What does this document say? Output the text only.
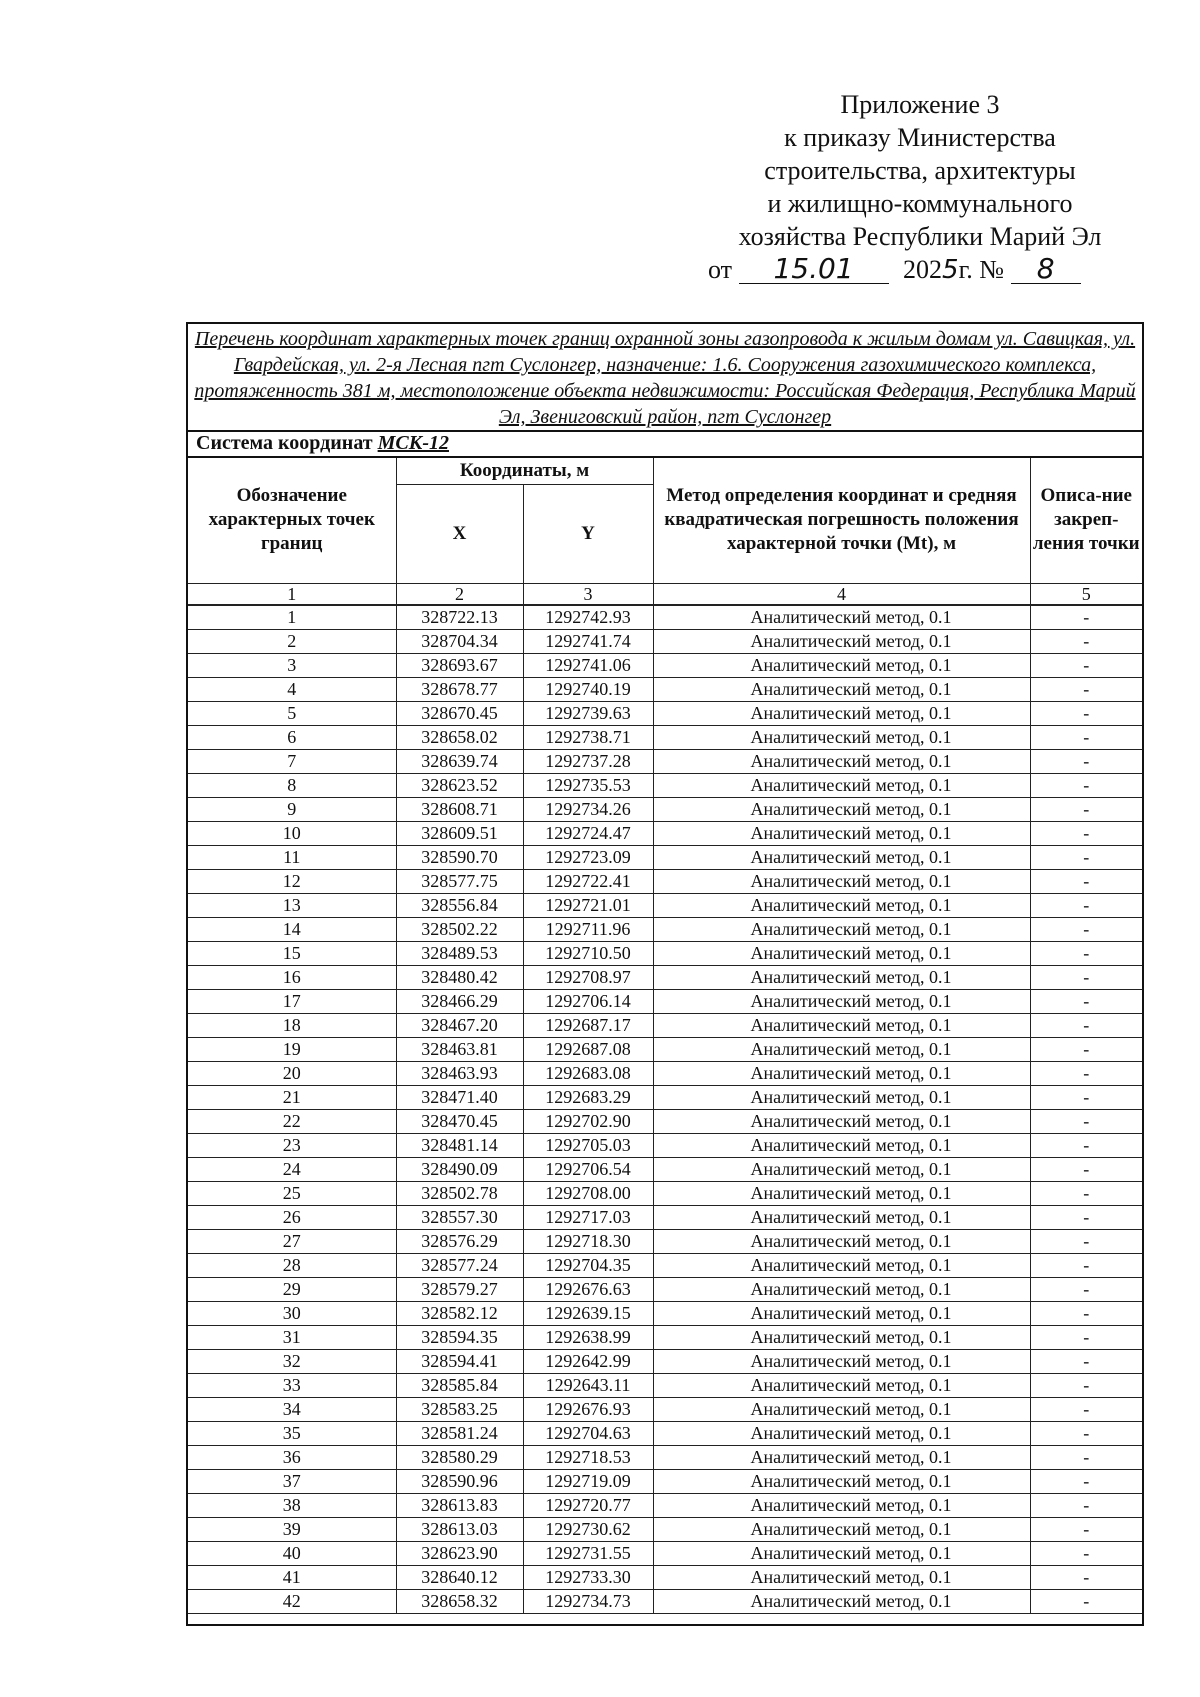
Приложение 3
к приказу Министерства
строительства, архитектуры
и жилищно-коммунального
хозяйства Республики Марий Эл
от 15.01 2025г. № 8
Перечень координат характерных точек границ охранной зоны газопровода к жилым домам ул. Савицкая, ул. Гвардейская, ул. 2-я Лесная пгт Суслонгер, назначение: 1.6. Сооружения газохимического комплекса, протяженность 381 м, местоположение объекта недвижимости: Российская Федерация, Республика Марий Эл, Звениговский район, пгт Суслонгер
Система координат МСК-12
Обозначение характерных точек границ	Координаты, м		Метод определения координат и средняя квадратическая погрешность положения характерной точки (Mt), м	Описа-ние закреп-ления точки
	X	Y		
1	2	3	4	5
1	328722.13	1292742.93	Аналитический метод, 0.1	-
2	328704.34	1292741.74	Аналитический метод, 0.1	-
3	328693.67	1292741.06	Аналитический метод, 0.1	-
4	328678.77	1292740.19	Аналитический метод, 0.1	-
5	328670.45	1292739.63	Аналитический метод, 0.1	-
6	328658.02	1292738.71	Аналитический метод, 0.1	-
7	328639.74	1292737.28	Аналитический метод, 0.1	-
8	328623.52	1292735.53	Аналитический метод, 0.1	-
9	328608.71	1292734.26	Аналитический метод, 0.1	-
10	328609.51	1292724.47	Аналитический метод, 0.1	-
11	328590.70	1292723.09	Аналитический метод, 0.1	-
12	328577.75	1292722.41	Аналитический метод, 0.1	-
13	328556.84	1292721.01	Аналитический метод, 0.1	-
14	328502.22	1292711.96	Аналитический метод, 0.1	-
15	328489.53	1292710.50	Аналитический метод, 0.1	-
16	328480.42	1292708.97	Аналитический метод, 0.1	-
17	328466.29	1292706.14	Аналитический метод, 0.1	-
18	328467.20	1292687.17	Аналитический метод, 0.1	-
19	328463.81	1292687.08	Аналитический метод, 0.1	-
20	328463.93	1292683.08	Аналитический метод, 0.1	-
21	328471.40	1292683.29	Аналитический метод, 0.1	-
22	328470.45	1292702.90	Аналитический метод, 0.1	-
23	328481.14	1292705.03	Аналитический метод, 0.1	-
24	328490.09	1292706.54	Аналитический метод, 0.1	-
25	328502.78	1292708.00	Аналитический метод, 0.1	-
26	328557.30	1292717.03	Аналитический метод, 0.1	-
27	328576.29	1292718.30	Аналитический метод, 0.1	-
28	328577.24	1292704.35	Аналитический метод, 0.1	-
29	328579.27	1292676.63	Аналитический метод, 0.1	-
30	328582.12	1292639.15	Аналитический метод, 0.1	-
31	328594.35	1292638.99	Аналитический метод, 0.1	-
32	328594.41	1292642.99	Аналитический метод, 0.1	-
33	328585.84	1292643.11	Аналитический метод, 0.1	-
34	328583.25	1292676.93	Аналитический метод, 0.1	-
35	328581.24	1292704.63	Аналитический метод, 0.1	-
36	328580.29	1292718.53	Аналитический метод, 0.1	-
37	328590.96	1292719.09	Аналитический метод, 0.1	-
38	328613.83	1292720.77	Аналитический метод, 0.1	-
39	328613.03	1292730.62	Аналитический метод, 0.1	-
40	328623.90	1292731.55	Аналитический метод, 0.1	-
41	328640.12	1292733.30	Аналитический метод, 0.1	-
42	328658.32	1292734.73	Аналитический метод, 0.1	-
